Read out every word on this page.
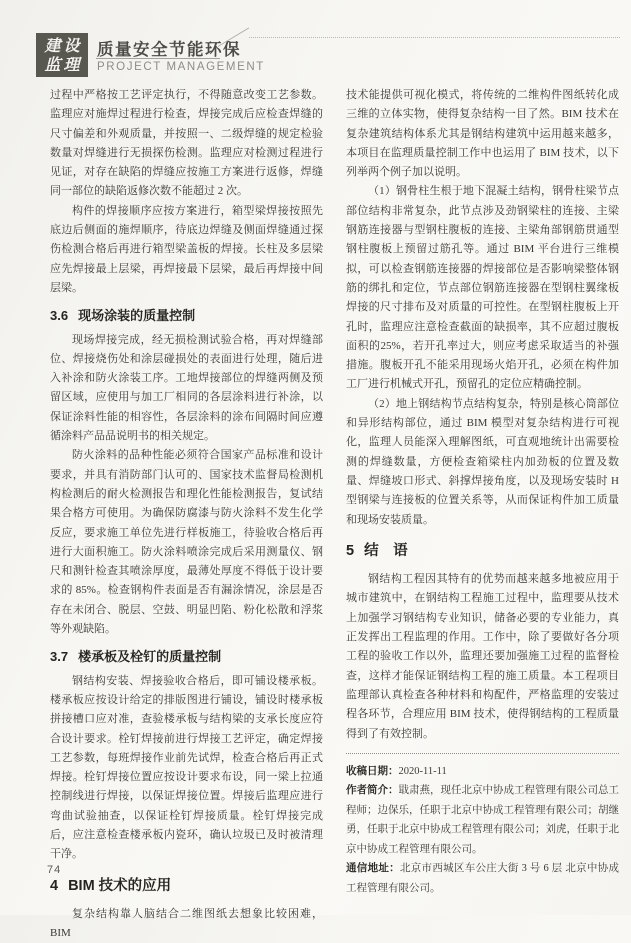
建设
监理
质量安全节能环保
PROJECT MANAGEMENT

过程中严格按工艺评定执行，不得随意改变工艺参数。监理应对施焊过程进行检查，焊接完成后应检查焊缝的尺寸偏差和外观质量，并按照一、二级焊缝的规定检验数量对焊缝进行无损探伤检测。监理应对检测过程进行见证，对存在缺陷的焊缝应按施工方案进行返修，焊缝同一部位的缺陷返修次数不能超过 2 次。

构件的焊接顺序应按方案进行，箱型梁焊接按照先底边后侧面的施焊顺序，待底边焊缝及侧面焊缝通过探伤检测合格后再进行箱型梁盖板的焊接。长柱及多层梁应先焊接最上层梁，再焊接最下层梁，最后再焊接中间层梁。

3.6 现场涂装的质量控制

现场焊接完成，经无损检测试验合格，再对焊缝部位、焊接烧伤处和涂层碰损处的表面进行处理，随后进入补涂和防火涂装工序。工地焊接部位的焊缝两侧及预留区域，应使用与加工厂相同的各层涂料进行补涂，以保证涂料性能的相容性，各层涂料的涂布间隔时间应遵循涂料产品品说明书的相关规定。

防火涂料的品种性能必须符合国家产品标准和设计要求，并具有消防部门认可的、国家技术监督局检测机构检测后的耐火检测报告和理化性能检测报告，复试结果合格方可使用。为确保防腐漆与防火涂料不发生化学反应，要求施工单位先进行样板施工，待验收合格后再进行大面积施工。防火涂料喷涂完成后采用测量仪、钢尺和测针检查其喷涂厚度，最薄处厚度不得低于设计要求的 85%。检查钢构件表面是否有漏涂情况，涂层是否存在未闭合、脱层、空鼓、明显凹陷、粉化松散和浮浆等外观缺陷。

3.7 楼承板及栓钉的质量控制

钢结构安装、焊接验收合格后，即可铺设楼承板。楼承板应按设计给定的排版图进行铺设，铺设时楼承板拼接槽口应对准，查验楼承板与结构梁的支承长度应符合设计要求。栓钉焊接前进行焊接工艺评定，确定焊接工艺参数，每班焊接作业前先试焊，检查合格后再正式焊接。栓钉焊接位置应按设计要求布设，同一梁上拉通控制线进行焊接，以保证焊接位置。焊接后监理应进行弯曲试验抽查，以保证栓钉焊接质量。栓钉焊接完成后，应注意检查楼承板内瓷环，确认垃圾已及时被清理干净。

4 BIM 技术的应用

复杂结构靠人脑结合二维图纸去想象比较困难，BIM

技术能提供可视化模式，将传统的二维构件图纸转化成三维的立体实物，使得复杂结构一目了然。BIM 技术在复杂建筑结构体系尤其是钢结构建筑中运用越来越多，本项目在监理质量控制工作中也运用了 BIM 技术，以下列举两个例子加以说明。

（1）钢骨柱生根于地下混凝土结构，钢骨柱梁节点部位结构非常复杂，此节点涉及劲钢梁柱的连接、主梁钢筋连接器与型钢柱腹板的连接、主梁角部钢筋贯通型钢柱腹板上预留过筋孔等。通过 BIM 平台进行三维模拟，可以检查钢筋连接器的焊接部位是否影响梁整体钢筋的绑扎和定位，节点部位钢筋连接器在型钢柱翼缘板焊接的尺寸排布及对质量的可控性。在型钢柱腹板上开孔时，监理应注意检查截面的缺损率，其不应超过腹板面积的25%，若开孔率过大，则应考虑采取适当的补强措施。腹板开孔不能采用现场火焰开孔，必须在构件加工厂进行机械式开孔，预留孔的定位应精确控制。

（2）地上钢结构节点结构复杂，特别是核心筒部位和异形结构部位，通过 BIM 模型对复杂结构进行可视化，监理人员能深入理解图纸，可直观地统计出需要检测的焊缝数量，方便检查箱梁柱内加劲板的位置及数量、焊缝坡口形式、斜撑焊接角度，以及现场安装时 H 型钢梁与连接板的位置关系等，从而保证构件加工质量和现场安装质量。

5 结　语

钢结构工程因其特有的优势而越来越多地被应用于城市建筑中，在钢结构工程施工过程中，监理要从技术上加强学习钢结构专业知识，储备必要的专业能力，真正发挥出工程监理的作用。工作中，除了要做好各分项工程的验收工作以外，监理还要加强施工过程的监督检查，这样才能保证钢结构工程的施工质量。本工程项目监理部认真检查各种材料和构配件，严格监理的安装过程各环节，合理应用 BIM 技术，使得钢结构的工程质量得到了有效控制。

收稿日期：2020-11-11

作者简介：戢肃燕，现任北京中协成工程管理有限公司总工程师；边保乐，任职于北京中协成工程管理有限公司；胡继勇，任职于北京中协成工程管理有限公司；刘虎，任职于北京中协成工程管理有限公司。

通信地址：北京市西城区车公庄大街 3 号 6 层 北京中协成工程管理有限公司。

74
